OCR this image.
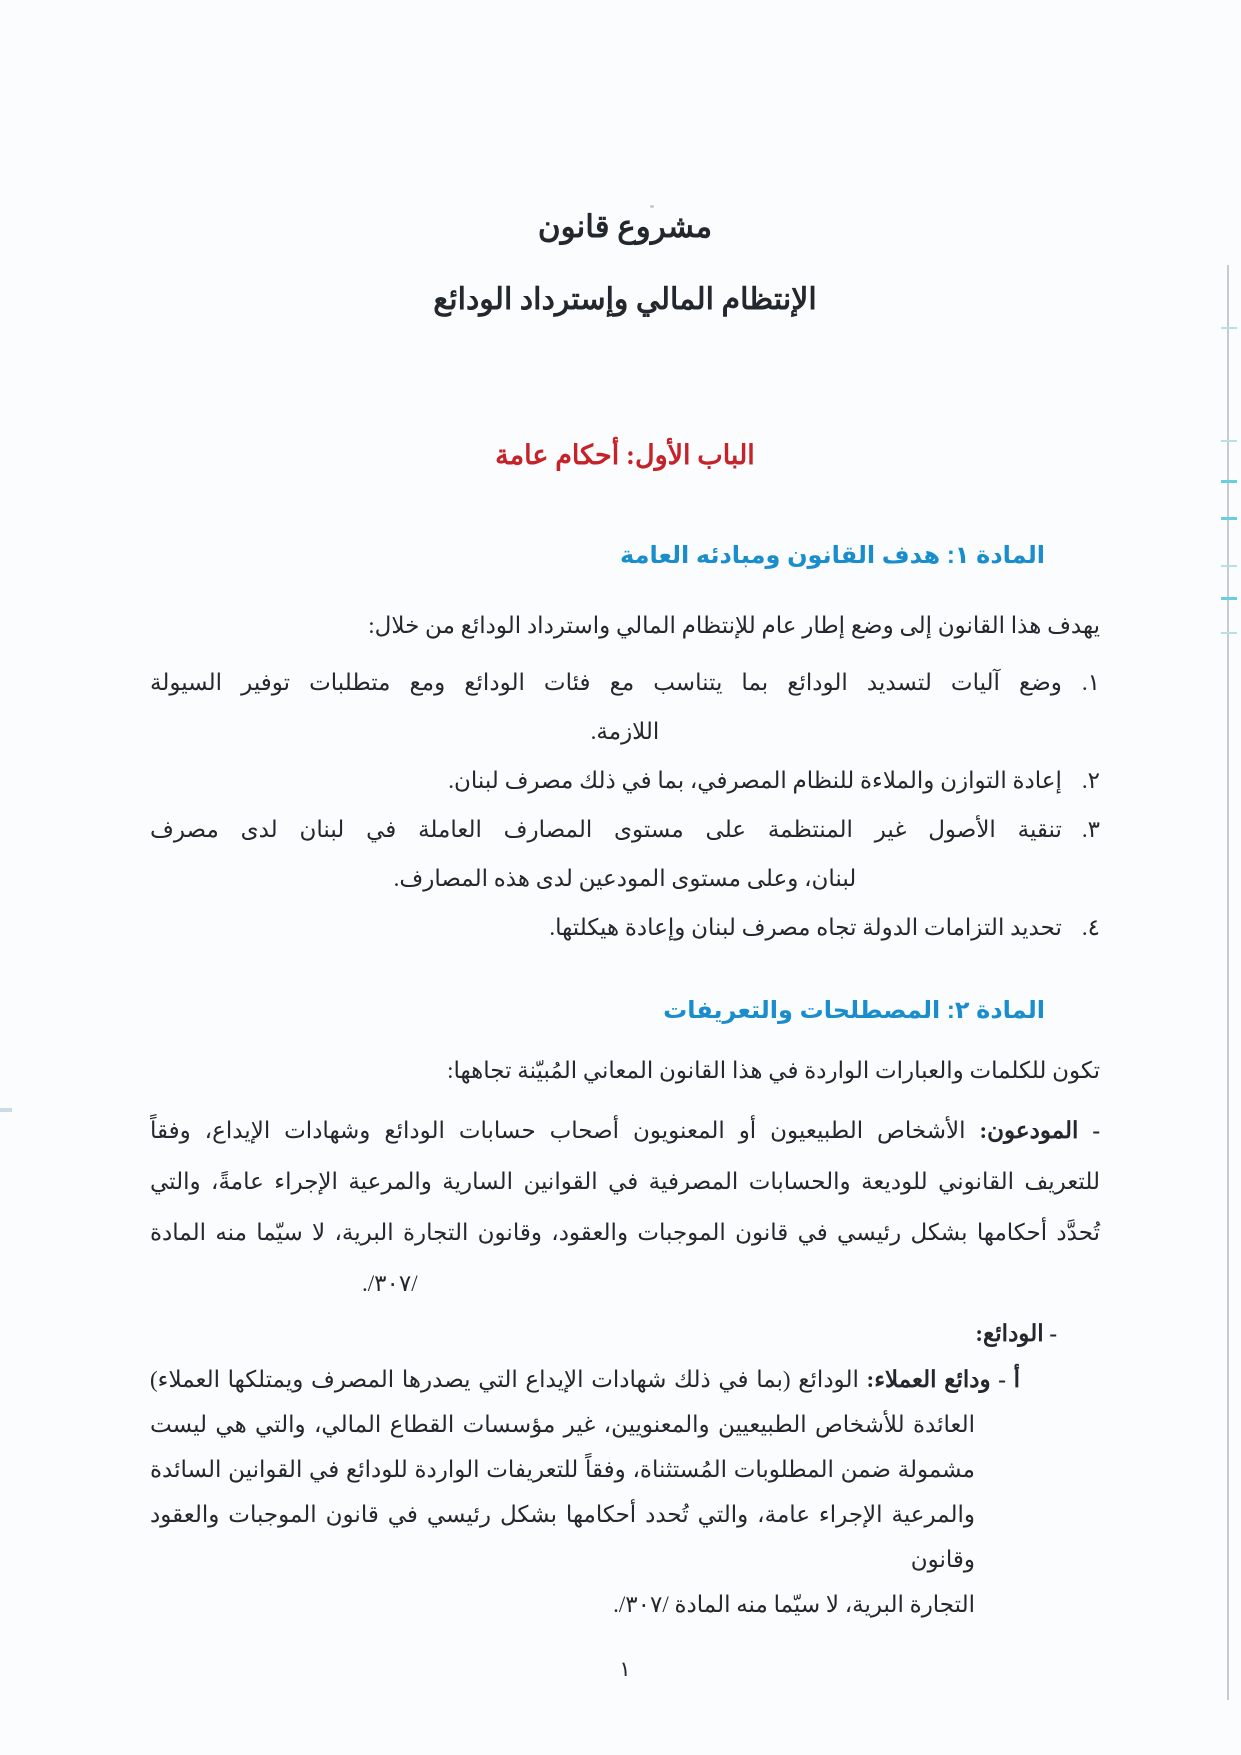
مشروع قانون
الإنتظام المالي وإسترداد الودائع
الباب الأول: أحكام عامة
المادة ١: هدف القانون ومبادئه العامة

يهدف هذا القانون إلى وضع إطار عام للإنتظام المالي واسترداد الودائع من خلال:

١.وضع آليات لتسديد الودائع بما يتناسب مع فئات الودائع ومع متطلبات توفير السيولة
اللازمة.
٢.إعادة التوازن والملاءة للنظام المصرفي، بما في ذلك مصرف لبنان.
٣.تنقية الأصول غير المنتظمة على مستوى المصارف العاملة في لبنان لدى مصرف
لبنان، وعلى مستوى المودعين لدى هذه المصارف.
٤.تحديد التزامات الدولة تجاه مصرف لبنان وإعادة هيكلتها.
المادة ٢: المصطلحات والتعريفات

تكون للكلمات والعبارات الواردة في هذا القانون المعاني المُبيّنة تجاهها:

- المودعون: الأشخاص الطبيعيون أو المعنويون أصحاب حسابات الودائع وشهادات الإيداع، وفقاً
للتعريف القانوني للوديعة والحسابات المصرفية في القوانين السارية والمرعية الإجراء عامةً، والتي
تُحدَّد أحكامها بشكل رئيسي في قانون الموجبات والعقود، وقانون التجارة البرية، لا سيّما منه المادة
/٣٠٧/.
- الودائع:
أ - ودائع العملاء: الودائع (بما في ذلك شهادات الإيداع التي يصدرها المصرف ويمتلكها العملاء)
العائدة للأشخاص الطبيعيين والمعنويين، غير مؤسسات القطاع المالي، والتي هي ليست
مشمولة ضمن المطلوبات المُستثناة، وفقاً للتعريفات الواردة للودائع في القوانين السائدة
والمرعية الإجراء عامة، والتي تُحدد أحكامها بشكل رئيسي في قانون الموجبات والعقود وقانون
التجارة البرية، لا سيّما منه المادة /٣٠٧/.
١
